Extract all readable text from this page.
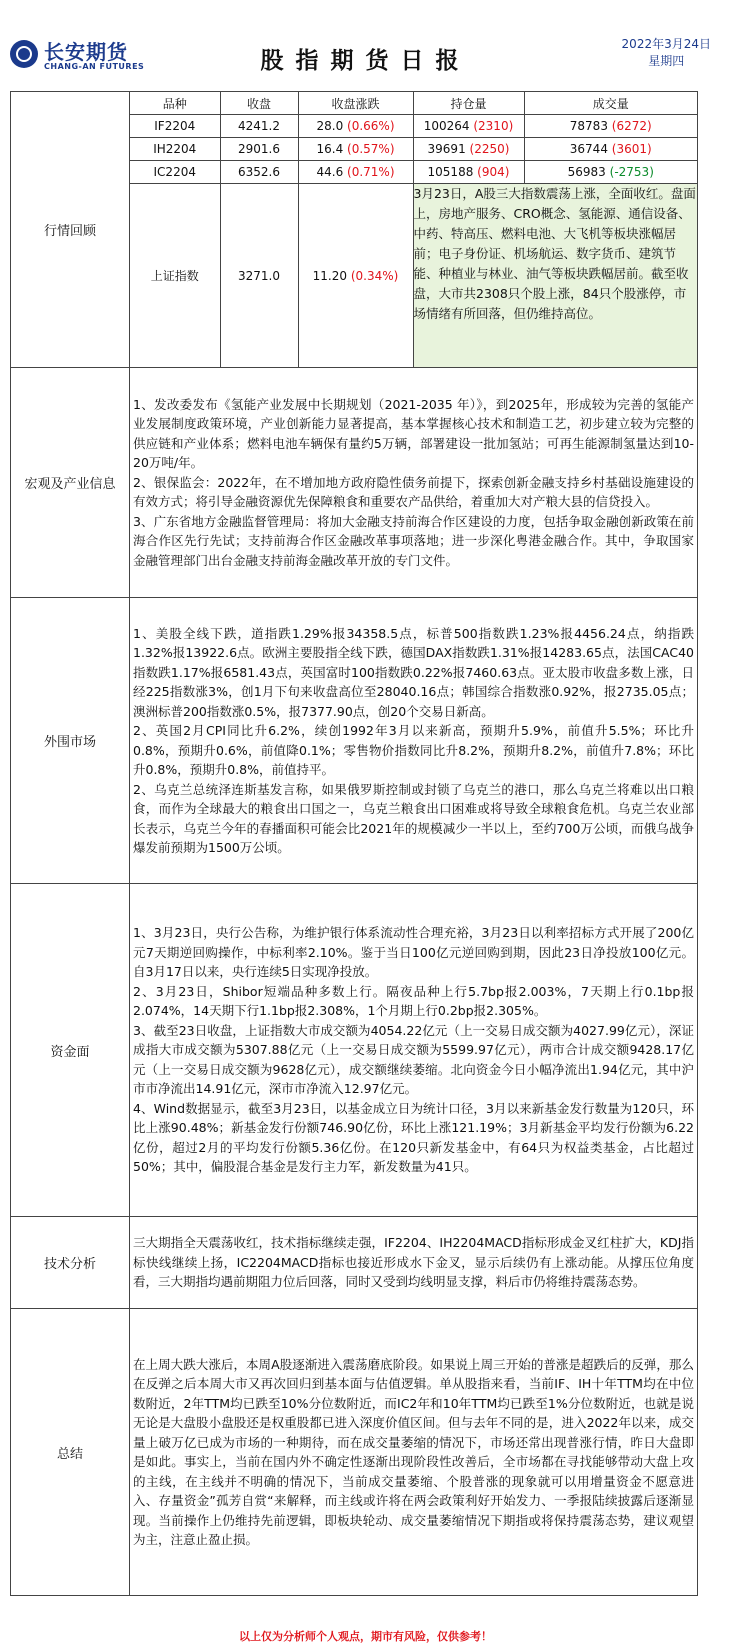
长安期货
CHANG-AN FUTURES	股指期货日报
2022年3月24日
星期四
行情回顾	
品种	收盘	收盘涨跌	持仓量	成交量
IF2204	4241.2	28.0 (0.66%)	100264 (2310)	78783 (6272)
IH2204	2901.6	16.4 (0.57%)	39691 (2250)	36744 (3601)
IC2204	6352.6	44.6 (0.71%)	105188 (904)	56983 (-2753)
上证指数	3271.0	11.20 (0.34%)	3月23日，A股三大指数震荡上涨，全面收红。盘面上，房地产服务、CRO概念、氢能源、通信设备、中药、特高压、燃料电池、大飞机等板块涨幅居前；电子身份证、机场航运、数字货币、建筑节能、种植业与林业、油气等板块跌幅居前。截至收盘，大市共2308只个股上涨，84只个股涨停，市场情绪有所回落，但仍维持高位。

宏观及产业信息	
1、发改委发布《氢能产业发展中长期规划（2021-2035 年）》，到2025年，形成较为完善的氢能产业发展制度政策环境，产业创新能力显著提高，基本掌握核心技术和制造工艺，初步建立较为完整的供应链和产业体系；燃料电池车辆保有量约5万辆，部署建设一批加氢站；可再生能源制氢量达到10-20万吨/年。
2、银保监会：2022年，在不增加地方政府隐性债务前提下，探索创新金融支持乡村基础设施建设的有效方式；将引导金融资源优先保障粮食和重要农产品供给，着重加大对产粮大县的信贷投入。
3、广东省地方金融监督管理局：将加大金融支持前海合作区建设的力度，包括争取金融创新政策在前海合作区先行先试；支持前海合作区金融改革事项落地；进一步深化粤港金融合作。其中，争取国家金融管理部门出台金融支持前海金融改革开放的专门文件。

外围市场	
1、美股全线下跌，道指跌1.29%报34358.5点，标普500指数跌1.23%报4456.24点，纳指跌1.32%报13922.6点。欧洲主要股指全线下跌，德国DAX指数跌1.31%报14283.65点，法国CAC40指数跌1.17%报6581.43点，英国富时100指数跌0.22%报7460.63点。亚太股市收盘多数上涨，日经225指数涨3%，创1月下旬来收盘高位至28040.16点；韩国综合指数涨0.92%，报2735.05点；澳洲标普200指数涨0.5%，报7377.90点，创20个交易日新高。
2、英国2月CPI同比升6.2%，续创1992年3月以来新高，预期升5.9%，前值升5.5%；环比升0.8%，预期升0.6%，前值降0.1%；零售物价指数同比升8.2%，预期升8.2%，前值升7.8%；环比升0.8%，预期升0.8%，前值持平。
2、乌克兰总统泽连斯基发言称，如果俄罗斯控制或封锁了乌克兰的港口，那么乌克兰将难以出口粮食，而作为全球最大的粮食出口国之一，乌克兰粮食出口困难或将导致全球粮食危机。乌克兰农业部长表示，乌克兰今年的春播面积可能会比2021年的规模减少一半以上，至约700万公顷，而俄乌战争爆发前预期为1500万公顷。

资金面	
1、3月23日，央行公告称，为维护银行体系流动性合理充裕，3月23日以利率招标方式开展了200亿元7天期逆回购操作，中标利率2.10%。鉴于当日100亿元逆回购到期，因此23日净投放100亿元。自3月17日以来，央行连续5日实现净投放。
2、3月23日，Shibor短端品种多数上行。隔夜品种上行5.7bp报2.003%，7天期上行0.1bp报2.074%，14天期下行1.1bp报2.308%，1个月期上行0.2bp报2.305%。
3、截至23日收盘，上证指数大市成交额为4054.22亿元（上一交易日成交额为4027.99亿元），深证成指大市成交额为5307.88亿元（上一交易日成交额为5599.97亿元），两市合计成交额9428.17亿元（上一交易日成交额为9628亿元），成交额继续萎缩。北向资金今日小幅净流出1.94亿元，其中沪市市净流出14.91亿元，深市市净流入12.97亿元。
4、Wind数据显示，截至3月23日，以基金成立日为统计口径，3月以来新基金发行数量为120只，环比上涨90.48%；新基金发行份额746.90亿份，环比上涨121.19%；3月新基金平均发行份额为6.22亿份，超过2月的平均发行份额5.36亿份。在120只新发基金中，有64只为权益类基金，占比超过50%；其中，偏股混合基金是发行主力军，新发数量为41只。

技术分析	
三大期指全天震荡收红，技术指标继续走强，IF2204、IH2204MACD指标形成金叉红柱扩大，KDJ指标快线继续上扬，IC2204MACD指标也接近形成水下金叉，显示后续仍有上涨动能。从撑压位角度看，三大期指均遇前期阻力位后回落，同时又受到均线明显支撑，料后市仍将维持震荡态势。

总结	
在上周大跌大涨后，本周A股逐渐进入震荡磨底阶段。如果说上周三开始的普涨是超跌后的反弹，那么在反弹之后本周大市又再次回归到基本面与估值逻辑。单从股指来看，当前IF、IH十年TTM均在中位数附近，2年TTM均已跌至10%分位数附近，而IC2年和10年TTM均已跌至1%分位数附近，也就是说无论是大盘股小盘股还是权重股都已进入深度价值区间。但与去年不同的是，进入2022年以来，成交量上破万亿已成为市场的一种期待，而在成交量萎缩的情况下，市场还常出现普涨行情，昨日大盘即是如此。事实上，当前在国内外不确定性逐渐出现阶段性改善后，全市场都在寻找能够带动大盘上攻的主线，在主线并不明确的情况下，当前成交量萎缩、个股普涨的现象就可以用增量资金不愿意进入、存量资金”孤芳自赏“来解释，而主线或许将在两会政策利好开始发力、一季报陆续披露后逐渐显现。当前操作上仍维持先前逻辑，即板块轮动、成交量萎缩情况下期指或将保持震荡态势，建议观望为主，注意止盈止损。
以上仅为分析师个人观点，期市有风险，仅供参考！
